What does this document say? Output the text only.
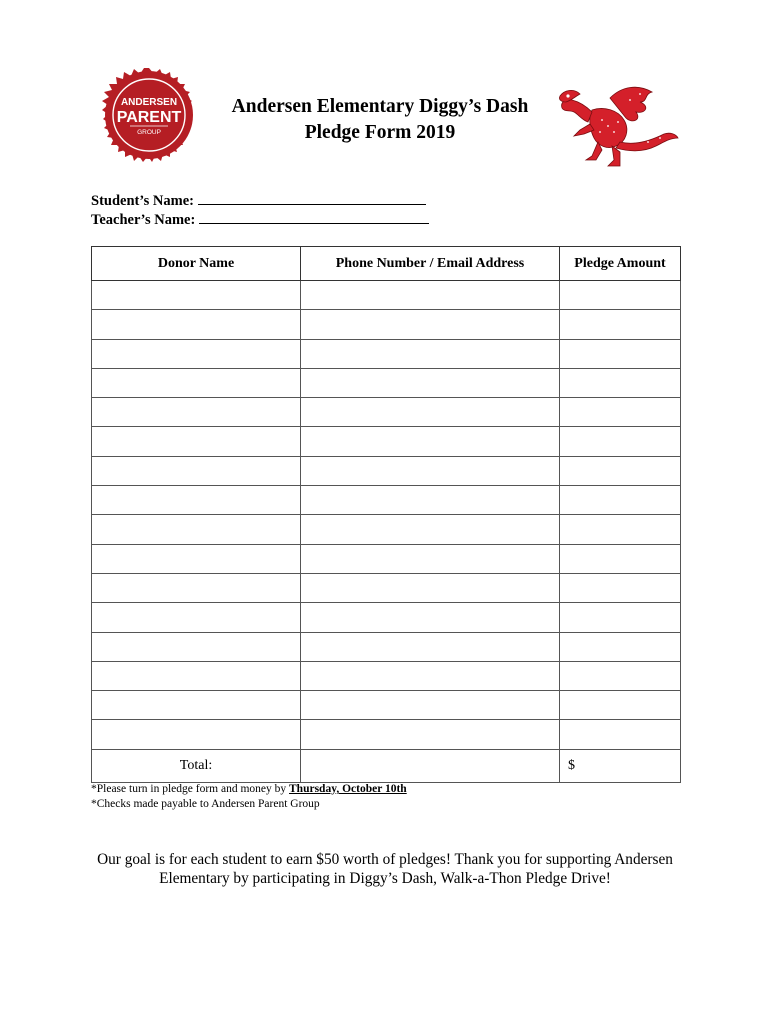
ANDERSEN
PARENT
GROUP
Andersen Elementary Diggy’s Dash
Pledge Form 2019
Student’s Name:
Teacher’s Name:
Donor Name	Phone Number / Email Address	Pledge Amount

Total:		$
*Please turn in pledge form and money by Thursday, October 10th
*Checks made payable to Andersen Parent Group
Our goal is for each student to earn $50 worth of pledges! Thank you for supporting Andersen
Elementary by participating in Diggy’s Dash, Walk-a-Thon Pledge Drive!
